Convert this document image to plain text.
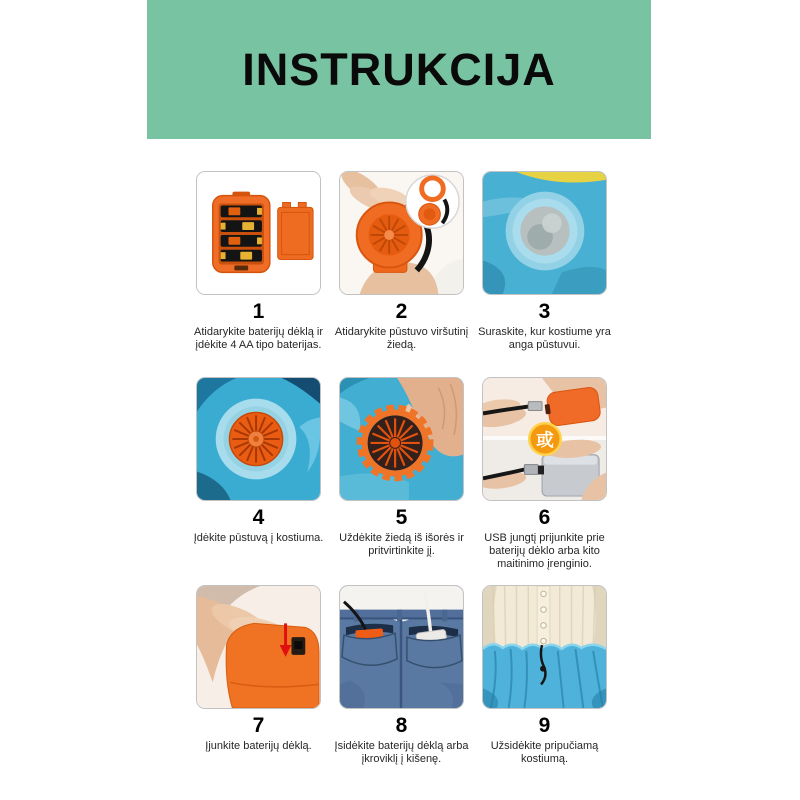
INSTRUKCIJA
1
Atidarykite baterijų dėklą ir įdėkite 4 AA tipo baterijas.
2
Atidarykite pūstuvo viršutinį žiedą.
3
Suraskite, kur kostiume yra anga pūstuvui.
4
Įdėkite pūstuvą į kostiuma.
5
Uždėkite žiedą iš išorės ir pritvirtinkite jį.
或
6
USB jungtį prijunkite prie baterijų dėklo arba kito maitinimo įrenginio.
7
Įjunkite baterijų dėklą.
8
Įsidėkite baterijų dėklą arba įkroviklį į kišenę.
9
Užsidėkite pripučiamą kostiumą.
